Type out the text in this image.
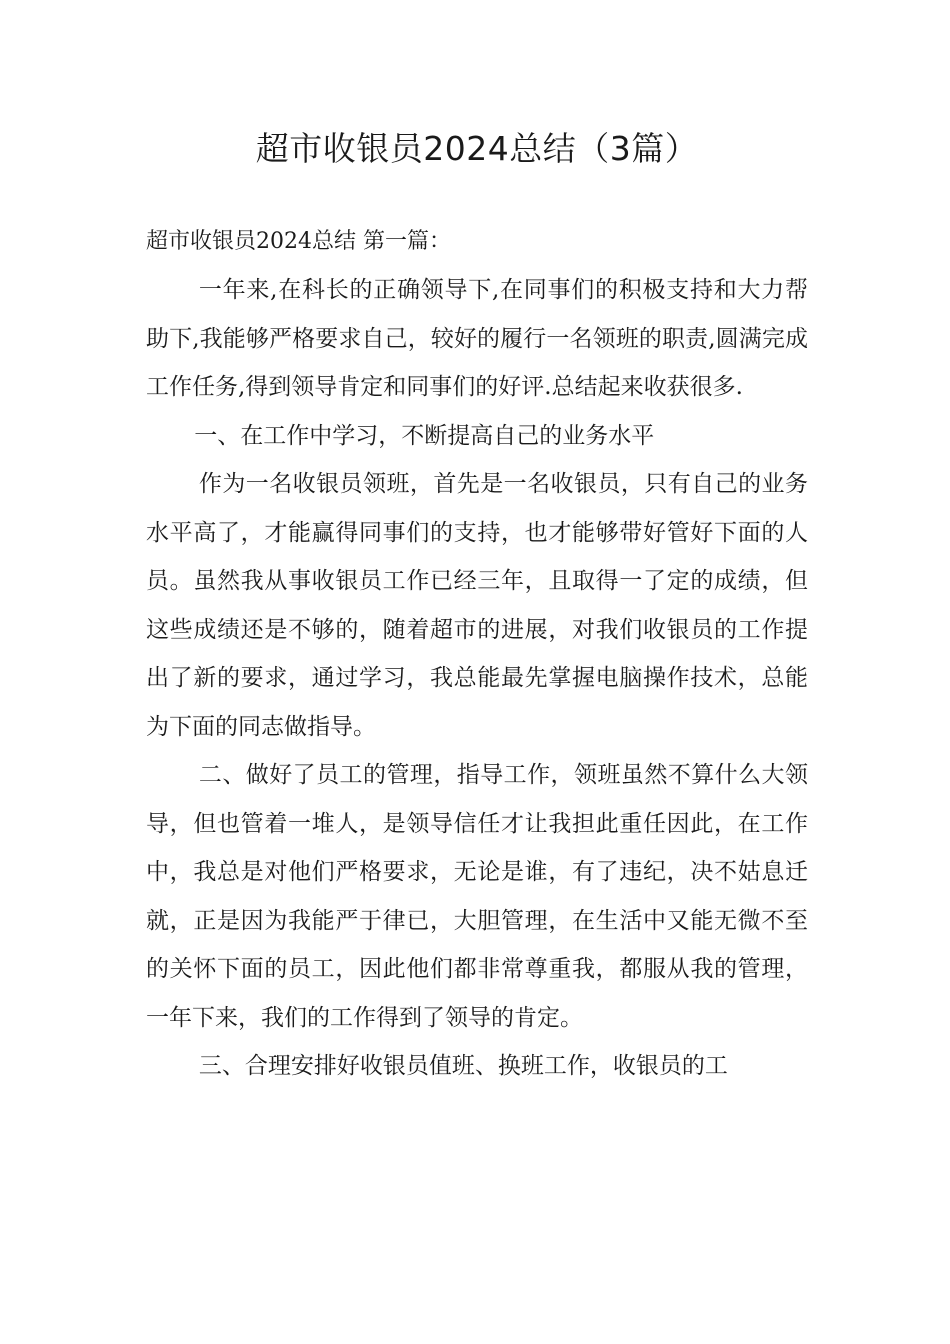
超市收银员2024总结（3篇）
超市收银员2024总结 第一篇：

一年来,在科长的正确领导下,在同事们的积极支持和大力帮助下,我能够严格要求自己，较好的履行一名领班的职责,圆满完成工作任务,得到领导肯定和同事们的好评.总结起来收获很多.

一、在工作中学习，不断提高自己的业务水平

作为一名收银员领班，首先是一名收银员，只有自己的业务水平高了，才能赢得同事们的支持，也才能够带好管好下面的人员。虽然我从事收银员工作已经三年，且取得一了定的成绩，但这些成绩还是不够的，随着超市的进展，对我们收银员的工作提出了新的要求，通过学习，我总能最先掌握电脑操作技术，总能为下面的同志做指导。

二、做好了员工的管理，指导工作，领班虽然不算什么大领导，但也管着一堆人，是领导信任才让我担此重任因此，在工作中，我总是对他们严格要求，无论是谁，有了违纪，决不姑息迁就，正是因为我能严于律已，大胆管理，在生活中又能无微不至的关怀下面的员工，因此他们都非常尊重我，都服从我的管理，一年下来，我们的工作得到了领导的肯定。

三、合理安排好收银员值班、换班工作，收银员的工
